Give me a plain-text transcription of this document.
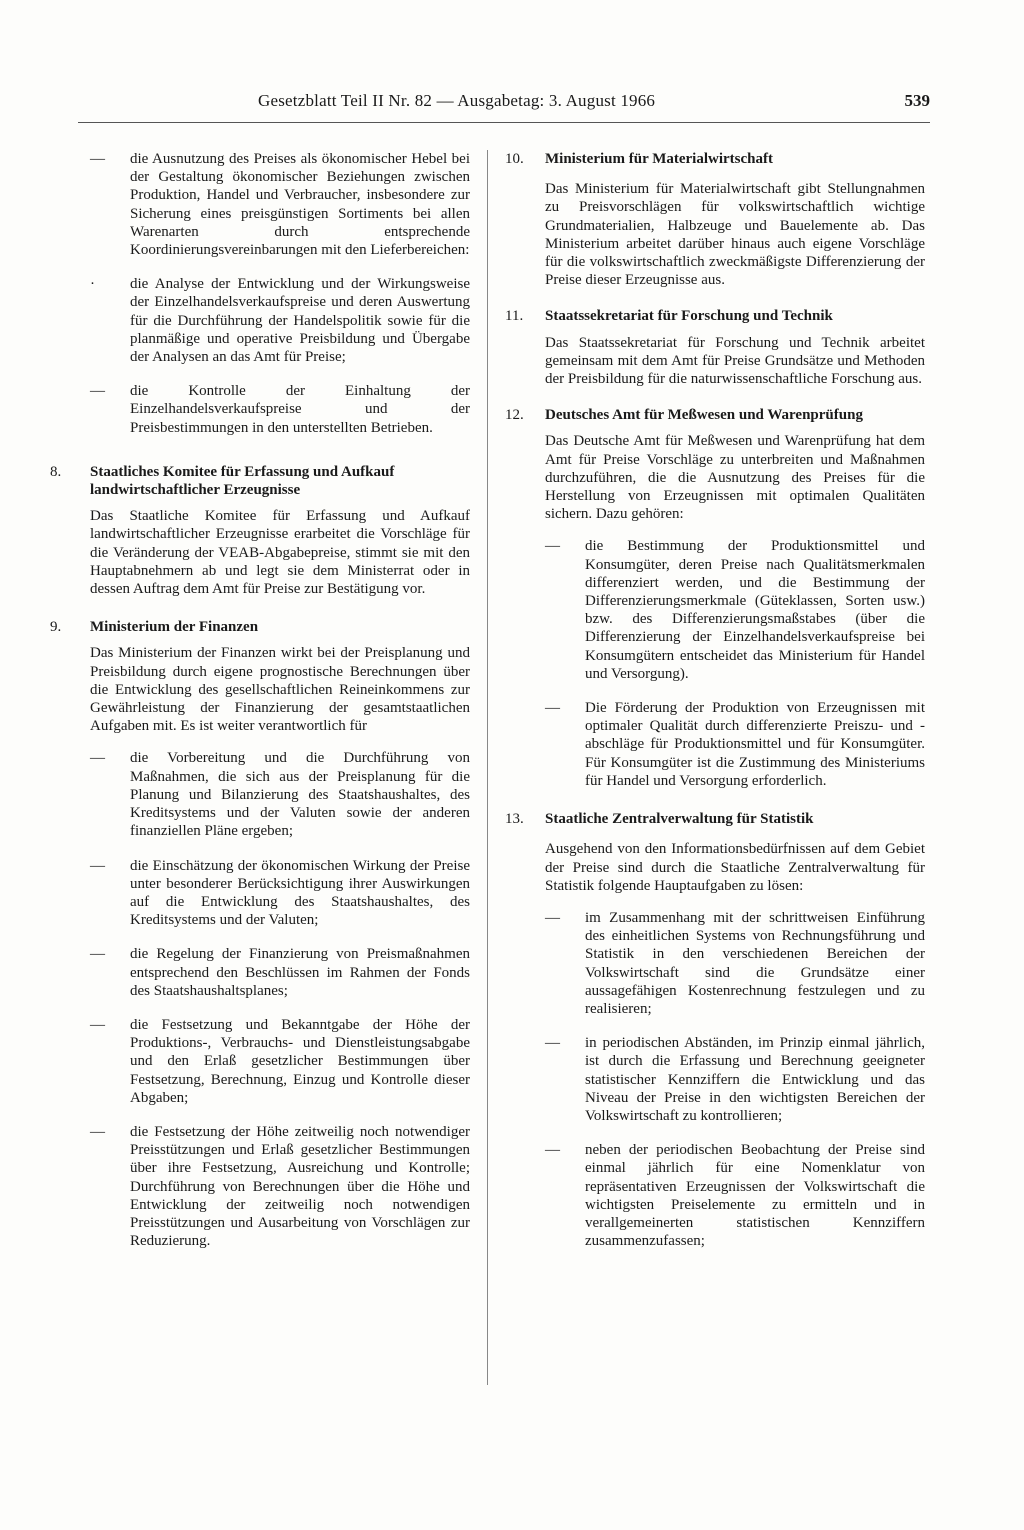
Gesetzblatt Teil II Nr. 82 — Ausgabetag: 3. August 1966	539
— die Ausnutzung des Preises als ökonomischer Hebel bei der Gestaltung ökonomischer Beziehungen zwischen Produktion, Handel und Verbraucher, insbesondere zur Sicherung eines preisgünstigen Sortiments bei allen Warenarten durch entsprechende Koordinierungsvereinbarungen mit den Lieferbereichen:
· die Analyse der Entwicklung und der Wirkungsweise der Einzelhandelsverkaufspreise und deren Auswertung für die Durchführung der Handelspolitik sowie für die planmäßige und operative Preisbildung und Übergabe der Analysen an das Amt für Preise;
— die Kontrolle der Einhaltung der Einzelhandelsverkaufspreise und der Preisbestimmungen in den unterstellten Betrieben.
8. Staatliches Komitee für Erfassung und Aufkauf landwirtschaftlicher Erzeugnisse
Das Staatliche Komitee für Erfassung und Aufkauf landwirtschaftlicher Erzeugnisse erarbeitet die Vorschläge für die Veränderung der VEAB-Abgabepreise, stimmt sie mit den Hauptabnehmern ab und legt sie dem Ministerrat oder in dessen Auftrag dem Amt für Preise zur Bestätigung vor.
9. Ministerium der Finanzen
Das Ministerium der Finanzen wirkt bei der Preisplanung und Preisbildung durch eigene prognostische Berechnungen über die Entwicklung des gesellschaftlichen Reineinkommens zur Gewährleistung der Finanzierung der gesamtstaatlichen Aufgaben mit. Es ist weiter verantwortlich für
— die Vorbereitung und die Durchführung von Maßnahmen, die sich aus der Preisplanung für die Planung und Bilanzierung des Staatshaushaltes, des Kreditsystems und der Valuten sowie der anderen finanziellen Pläne ergeben;
— die Einschätzung der ökonomischen Wirkung der Preise unter besonderer Berücksichtigung ihrer Auswirkungen auf die Entwicklung des Staatshaushaltes, des Kreditsystems und der Valuten;
— die Regelung der Finanzierung von Preismaßnahmen entsprechend den Beschlüssen im Rahmen der Fonds des Staatshaushaltsplanes;
— die Festsetzung und Bekanntgabe der Höhe der Produktions-, Verbrauchs- und Dienstleistungsabgabe und den Erlaß gesetzlicher Bestimmungen über Festsetzung, Berechnung, Einzug und Kontrolle dieser Abgaben;
— die Festsetzung der Höhe zeitweilig noch notwendiger Preisstützungen und Erlaß gesetzlicher Bestimmungen über ihre Festsetzung, Ausreichung und Kontrolle; Durchführung von Berechnungen über die Höhe und Entwicklung der zeitweilig noch notwendigen Preisstützungen und Ausarbeitung von Vorschlägen zur Reduzierung.
10. Ministerium für Materialwirtschaft
Das Ministerium für Materialwirtschaft gibt Stellungnahmen zu Preisvorschlägen für volkswirtschaftlich wichtige Grundmaterialien, Halbzeuge und Bauelemente ab. Das Ministerium arbeitet darüber hinaus auch eigene Vorschläge für die volkswirtschaftlich zweckmäßigste Differenzierung der Preise dieser Erzeugnisse aus.
11. Staatssekretariat für Forschung und Technik
Das Staatssekretariat für Forschung und Technik arbeitet gemeinsam mit dem Amt für Preise Grundsätze und Methoden der Preisbildung für die naturwissenschaftliche Forschung aus.
12. Deutsches Amt für Meßwesen und Warenprüfung
Das Deutsche Amt für Meßwesen und Warenprüfung hat dem Amt für Preise Vorschläge zu unterbreiten und Maßnahmen durchzuführen, die die Ausnutzung des Preises für die Herstellung von Erzeugnissen mit optimalen Qualitäten sichern. Dazu gehören:
— die Bestimmung der Produktionsmittel und Konsumgüter, deren Preise nach Qualitätsmerkmalen differenziert werden, und die Bestimmung der Differenzierungsmerkmale (Güteklassen, Sorten usw.) bzw. des Differenzierungsmaßstabes (über die Differenzierung der Einzelhandelsverkaufspreise bei Konsumgütern entscheidet das Ministerium für Handel und Versorgung).
— Die Förderung der Produktion von Erzeugnissen mit optimaler Qualität durch differenzierte Preiszu- und -abschläge für Produktionsmittel und für Konsumgüter. Für Konsumgüter ist die Zustimmung des Ministeriums für Handel und Versorgung erforderlich.
13. Staatliche Zentralverwaltung für Statistik
Ausgehend von den Informationsbedürfnissen auf dem Gebiet der Preise sind durch die Staatliche Zentralverwaltung für Statistik folgende Hauptaufgaben zu lösen:
— im Zusammenhang mit der schrittweisen Einführung des einheitlichen Systems von Rechnungsführung und Statistik in den verschiedenen Bereichen der Volkswirtschaft sind die Grundsätze einer aussagefähigen Kostenrechnung festzulegen und zu realisieren;
— in periodischen Abständen, im Prinzip einmal jährlich, ist durch die Erfassung und Berechnung geeigneter statistischer Kennziffern die Entwicklung und das Niveau der Preise in den wichtigsten Bereichen der Volkswirtschaft zu kontrollieren;
— neben der periodischen Beobachtung der Preise sind einmal jährlich für eine Nomenklatur von repräsentativen Erzeugnissen der Volkswirtschaft die wichtigsten Preiselemente zu ermitteln und in verallgemeinerten statistischen Kennziffern zusammenzufassen;
